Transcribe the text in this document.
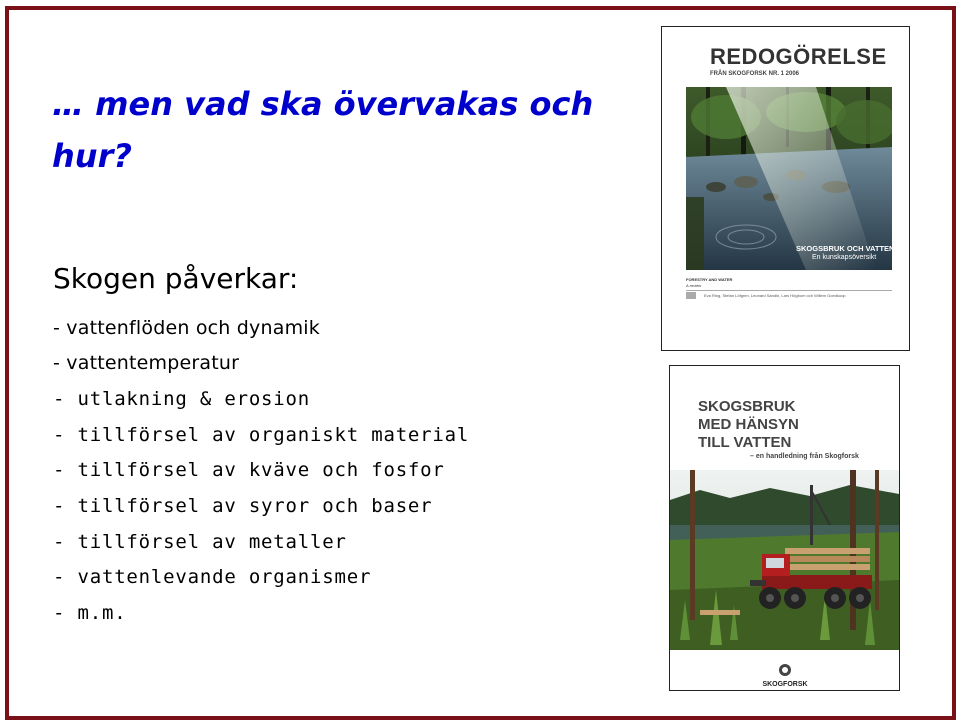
… men vad ska övervakas och hur?
Skogen påverkar:
- vattenflöden och dynamik
- vattentemperatur
- utlakning & erosion
- tillförsel av organiskt material
- tillförsel av kväve och fosfor
- tillförsel av syror och baser
- tillförsel av metaller
- vattenlevande organismer
- m.m.
REDOGÖRELSE
FRÅN SKOGFORSK NR. 1 2006
SKOGSBRUK OCH VATTEN
En kunskapsöversikt
FORESTRY AND WATER
A review
Eva Ring, Stefan Löfgren, Leonard Sandin, Lars Högbom och Willem Goedkoop
SKOGSBRUK
MED HÄNSYN
TILL VATTEN
– en handledning från Skogforsk
SKOGFORSK
